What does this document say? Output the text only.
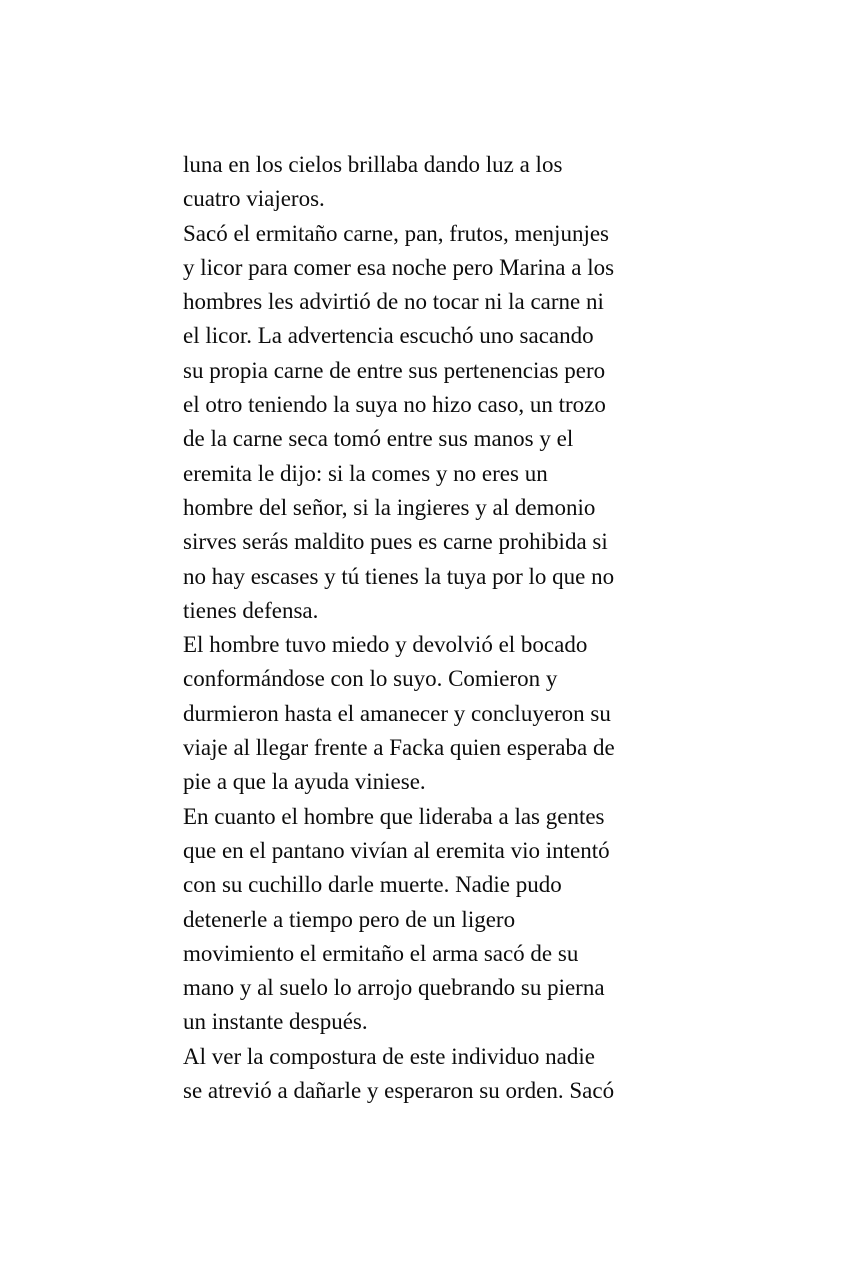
luna en los cielos brillaba dando luz a los
cuatro viajeros.
Sacó el ermitaño carne, pan, frutos, menjunjes
y licor para comer esa noche pero Marina a los
hombres les advirtió de no tocar ni la carne ni
el licor. La advertencia escuchó uno sacando
su propia carne de entre sus pertenencias pero
el otro teniendo la suya no hizo caso, un trozo
de la carne seca tomó entre sus manos y el
eremita le dijo: si la comes y no eres un
hombre del señor, si la ingieres y al demonio
sirves serás maldito pues es carne prohibida si
no hay escases y tú tienes la tuya por lo que no
tienes defensa.
El hombre tuvo miedo y devolvió el bocado
conformándose con lo suyo. Comieron y
durmieron hasta el amanecer y concluyeron su
viaje al llegar frente a Facka quien esperaba de
pie a que la ayuda viniese.
En cuanto el hombre que lideraba a las gentes
que en el pantano vivían al eremita vio intentó
con su cuchillo darle muerte. Nadie pudo
detenerle a tiempo pero de un ligero
movimiento el ermitaño el arma sacó de su
mano y al suelo lo arrojo quebrando su pierna
un instante después.
Al ver la compostura de este individuo nadie
se atrevió a dañarle y esperaron su orden. Sacó
